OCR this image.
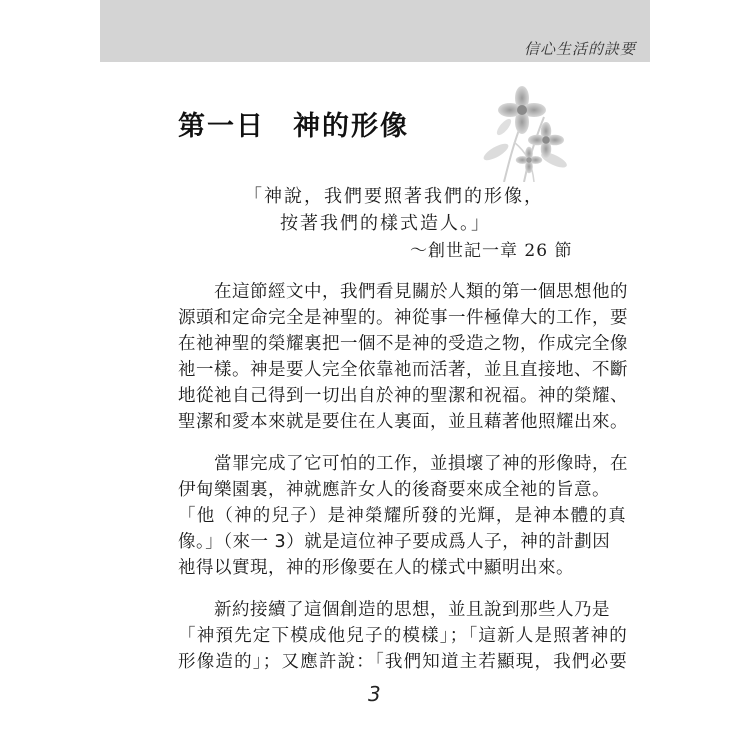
信心生活的訣要
第一日 神的形像
「神說，我們要照著我們的形像，
按著我們的樣式造人。」
～創世記一章 26 節
　　在這節經文中，我們看見關於人類的第一個思想他的
源頭和定命完全是神聖的。神從事一件極偉大的工作，要
在祂神聖的榮耀裏把一個不是神的受造之物，作成完全像
祂一樣。神是要人完全依靠祂而活著，並且直接地、不斷
地從祂自己得到一切出自於神的聖潔和祝福。神的榮耀、
聖潔和愛本來就是要住在人裏面，並且藉著他照耀出來。
　　當罪完成了它可怕的工作，並損壞了神的形像時，在
伊甸樂園裏，神就應許女人的後裔要來成全祂的旨意。
「他（神的兒子）是神榮耀所發的光輝，是神本體的真
像。」（來一 3）就是這位神子要成爲人子，神的計劃因
祂得以實現，神的形像要在人的樣式中顯明出來。
　　新約接續了這個創造的思想，並且說到那些人乃是
「神預先定下模成他兒子的模樣」；「這新人是照著神的
形像造的」；又應許說：「我們知道主若顯現，我們必要
3
